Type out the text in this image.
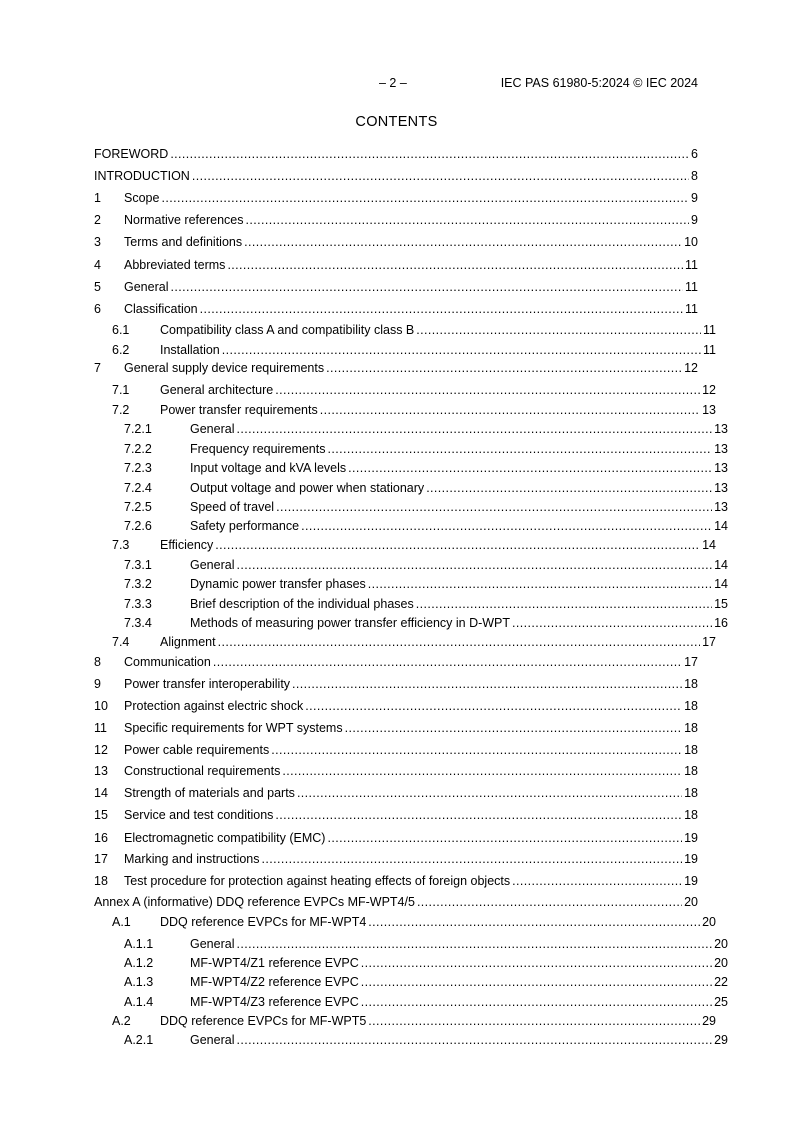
– 2 –	IEC PAS 61980-5:2024 © IEC 2024
CONTENTS
FOREWORD .....	6
INTRODUCTION .....	8
1	Scope .....	9
2	Normative references .....	9
3	Terms and definitions .....	10
4	Abbreviated terms .....	11
5	General .....	11
6	Classification .....	11
6.1	Compatibility class A and compatibility class B .....	11
6.2	Installation .....	11
7	General supply device requirements .....	12
7.1	General architecture .....	12
7.2	Power transfer requirements .....	13
7.2.1	General .....	13
7.2.2	Frequency requirements .....	13
7.2.3	Input voltage and kVA levels .....	13
7.2.4	Output voltage and power when stationary .....	13
7.2.5	Speed of travel .....	13
7.2.6	Safety performance .....	14
7.3	Efficiency .....	14
7.3.1	General .....	14
7.3.2	Dynamic power transfer phases .....	14
7.3.3	Brief description of the individual phases .....	15
7.3.4	Methods of measuring power transfer efficiency in D-WPT .....	16
7.4	Alignment .....	17
8	Communication .....	17
9	Power transfer interoperability .....	18
10	Protection against electric shock .....	18
11	Specific requirements for WPT systems .....	18
12	Power cable requirements .....	18
13	Constructional requirements .....	18
14	Strength of materials and parts .....	18
15	Service and test conditions .....	18
16	Electromagnetic compatibility (EMC) .....	19
17	Marking and instructions .....	19
18	Test procedure for protection against heating effects of foreign objects .....	19
Annex A (informative) DDQ reference EVPCs MF-WPT4/5 .....	20
A.1	DDQ reference EVPCs for MF-WPT4 .....	20
A.1.1	General .....	20
A.1.2	MF-WPT4/Z1 reference EVPC .....	20
A.1.3	MF-WPT4/Z2 reference EVPC .....	22
A.1.4	MF-WPT4/Z3 reference EVPC .....	25
A.2	DDQ reference EVPCs for MF-WPT5 .....	29
A.2.1	General .....	29
